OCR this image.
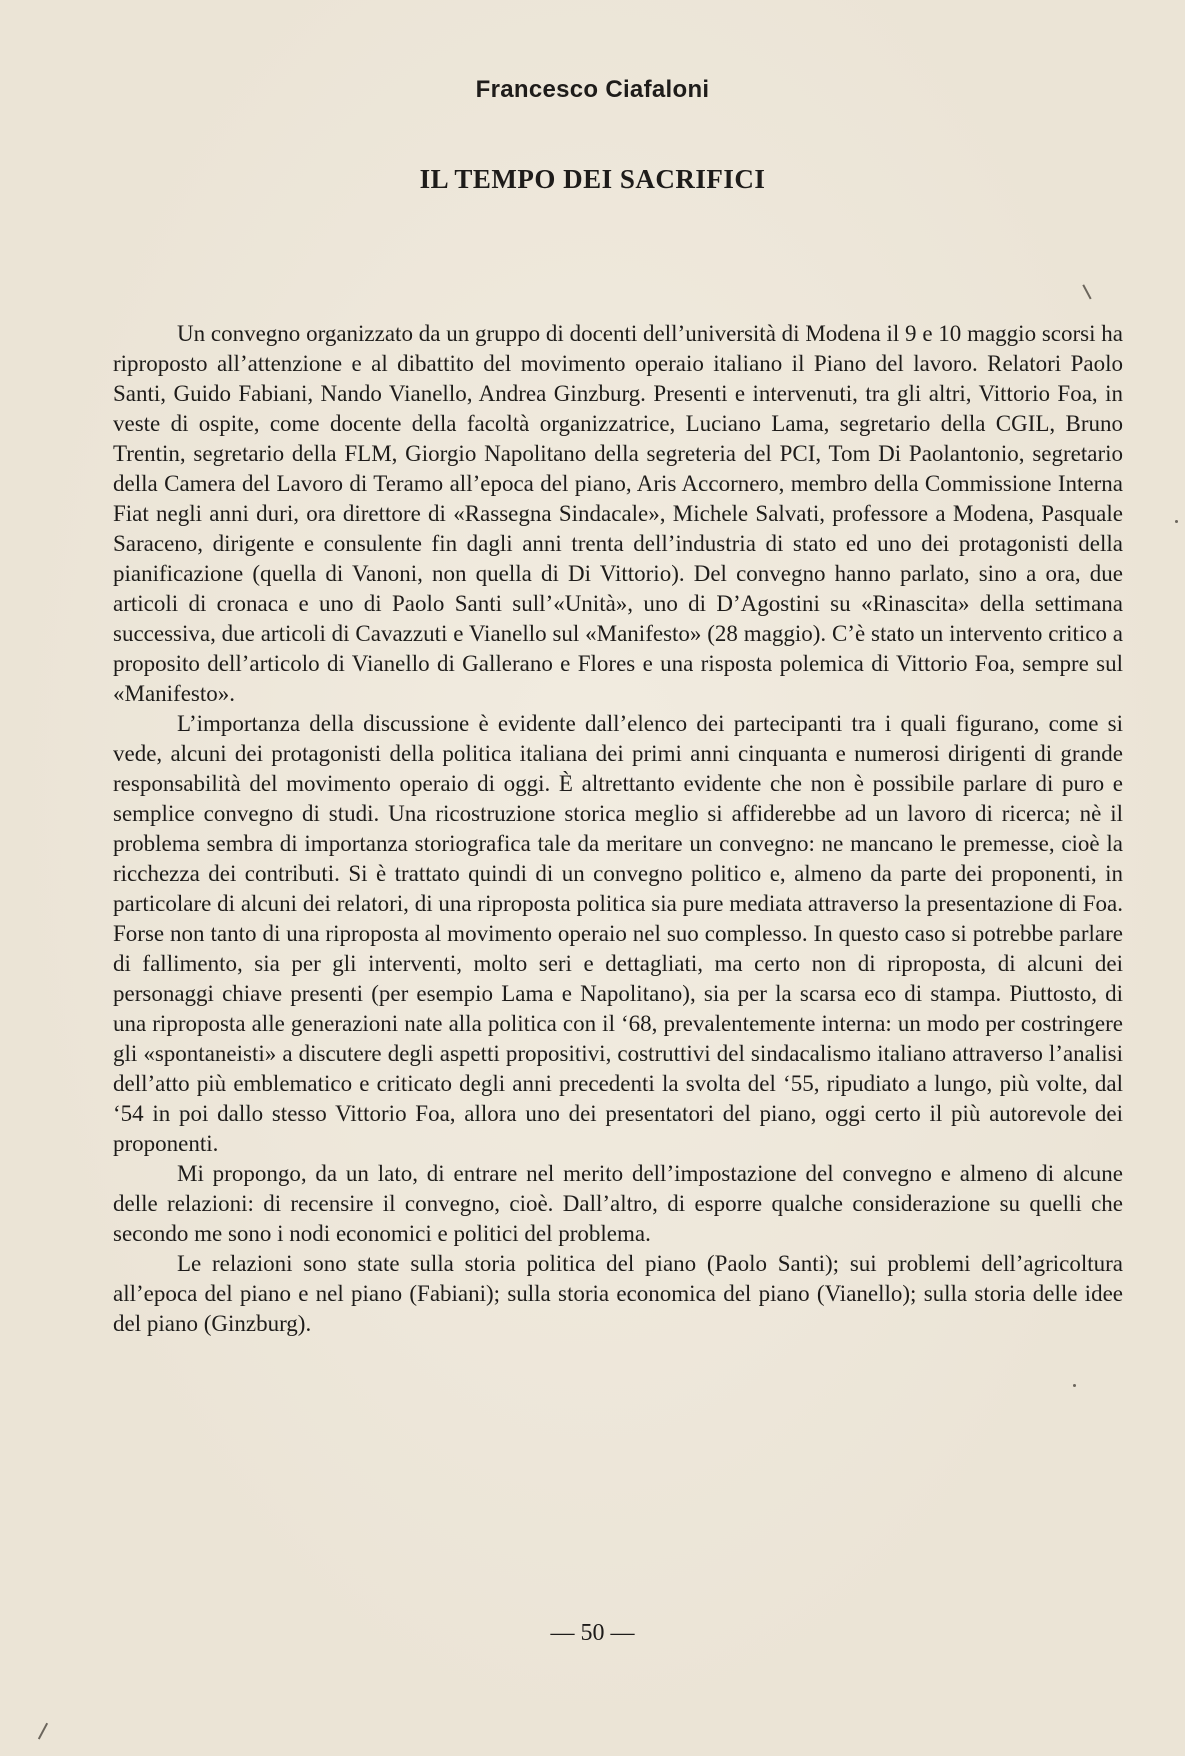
Francesco Ciafaloni
IL TEMPO DEI SACRIFICI

Un convegno organizzato da un gruppo di docenti dell’università di Modena il 9 e 10 maggio scorsi ha riproposto all’attenzione e al dibattito del movimento operaio italiano il Piano del lavoro. Relatori Paolo Santi, Guido Fabiani, Nando Vianello, Andrea Ginzburg. Presenti e intervenuti, tra gli altri, Vittorio Foa, in veste di ospite, come docente della facoltà organizzatrice, Luciano Lama, segretario della CGIL, Bruno Trentin, segretario della FLM, Giorgio Napolitano della segreteria del PCI, Tom Di Paolantonio, segretario della Camera del Lavoro di Teramo all’epoca del piano, Aris Accornero, membro della Commissione Interna Fiat negli anni duri, ora direttore di «Rassegna Sindacale», Michele Salvati, professore a Modena, Pasquale Saraceno, dirigente e consulente fin dagli anni trenta dell’industria di stato ed uno dei protagonisti della pianificazione (quella di Vanoni, non quella di Di Vittorio). Del convegno hanno parlato, sino a ora, due articoli di cronaca e uno di Paolo Santi sull’«Unità», uno di D’Agostini su «Rinascita» della settimana successiva, due articoli di Cavazzuti e Vianello sul «Manifesto» (28 maggio). C’è stato un intervento critico a proposito dell’articolo di Vianello di Gallerano e Flores e una risposta polemica di Vittorio Foa, sempre sul «Manifesto».

L’importanza della discussione è evidente dall’elenco dei partecipanti tra i quali figurano, come si vede, alcuni dei protagonisti della politica italiana dei primi anni cinquanta e numerosi dirigenti di grande responsabilità del movimento operaio di oggi. È altrettanto evidente che non è possibile parlare di puro e semplice convegno di studi. Una ricostruzione storica meglio si affiderebbe ad un lavoro di ricerca; nè il problema sembra di importanza storiografica tale da meritare un convegno: ne mancano le premesse, cioè la ricchezza dei contributi. Si è trattato quindi di un convegno politico e, almeno da parte dei proponenti, in particolare di alcuni dei relatori, di una riproposta politica sia pure mediata attraverso la presentazione di Foa. Forse non tanto di una riproposta al movimento operaio nel suo complesso. In questo caso si potrebbe parlare di fallimento, sia per gli interventi, molto seri e dettagliati, ma certo non di riproposta, di alcuni dei personaggi chiave presenti (per esempio Lama e Napolitano), sia per la scarsa eco di stampa. Piuttosto, di una riproposta alle generazioni nate alla politica con il ‘68, prevalentemente interna: un modo per costringere gli «spontaneisti» a discutere degli aspetti propositivi, costruttivi del sindacalismo italiano attraverso l’analisi dell’atto più emblematico e criticato degli anni precedenti la svolta del ‘55, ripudiato a lungo, più volte, dal ‘54 in poi dallo stesso Vittorio Foa, allora uno dei presentatori del piano, oggi certo il più autorevole dei proponenti.

Mi propongo, da un lato, di entrare nel merito dell’impostazione del convegno e almeno di alcune delle relazioni: di recensire il convegno, cioè. Dall’altro, di esporre qualche considerazione su quelli che secondo me sono i nodi economici e politici del problema.

Le relazioni sono state sulla storia politica del piano (Paolo Santi); sui problemi dell’agricoltura all’epoca del piano e nel piano (Fabiani); sulla storia economica del piano (Vianello); sulla storia delle idee del piano (Ginzburg).

— 50 —
